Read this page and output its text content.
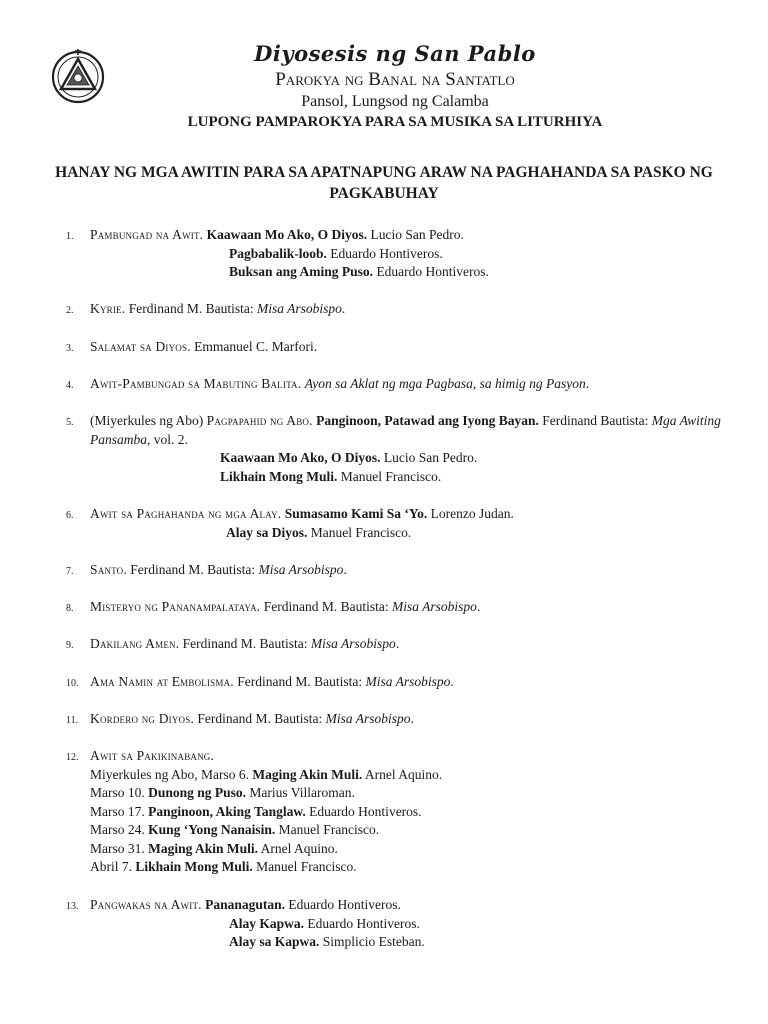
Diyosesis ng San Pablo
Parokya ng Banal na Santatlo
Pansol, Lungsod ng Calamba
LUPONG PAMPAROKYA PARA SA MUSIKA SA LITURHIYA
HANAY NG MGA AWITIN PARA SA APATNAPUNG ARAW NA PAGHAHANDA SA PASKO NG PAGKABUHAY
1. Pambungad na Awit. Kaawaan Mo Ako, O Diyos. Lucio San Pedro.
Pagbabalik-loob. Eduardo Hontiveros.
Buksan ang Aming Puso. Eduardo Hontiveros.
2. Kyrie. Ferdinand M. Bautista: Misa Arsobispo.
3. Salamat sa Diyos. Emmanuel C. Marfori.
4. Awit-Pambungad sa Mabuting Balita. Ayon sa Aklat ng mga Pagbasa, sa himig ng Pasyon.
5. (Miyerkules ng Abo) Pagpapahid ng Abo. Panginoon, Patawad ang Iyong Bayan. Ferdinand Bautista: Mga Awiting Pansamba, vol. 2.
Kaawaan Mo Ako, O Diyos. Lucio San Pedro.
Likhain Mong Muli. Manuel Francisco.
6. Awit sa Paghahanda ng mga Alay. Sumasamo Kami Sa ‘Yo. Lorenzo Judan.
Alay sa Diyos. Manuel Francisco.
7. Santo. Ferdinand M. Bautista: Misa Arsobispo.
8. Misteryo ng Pananampalataya. Ferdinand M. Bautista: Misa Arsobispo.
9. Dakilang Amen. Ferdinand M. Bautista: Misa Arsobispo.
10. Ama Namin at Embolisma. Ferdinand M. Bautista: Misa Arsobispo.
11. Kordero ng Diyos. Ferdinand M. Bautista: Misa Arsobispo.
12. Awit sa Pakikinabang.
Miyerkules ng Abo, Marso 6. Maging Akin Muli. Arnel Aquino.
Marso 10. Dunong ng Puso. Marius Villaroman.
Marso 17. Panginoon, Aking Tanglaw. Eduardo Hontiveros.
Marso 24. Kung ‘Yong Nanaisin. Manuel Francisco.
Marso 31. Maging Akin Muli. Arnel Aquino.
Abril 7. Likhain Mong Muli. Manuel Francisco.
13. Pangwakas na Awit. Pananagutan. Eduardo Hontiveros.
Alay Kapwa. Eduardo Hontiveros.
Alay sa Kapwa. Simplicio Esteban.
